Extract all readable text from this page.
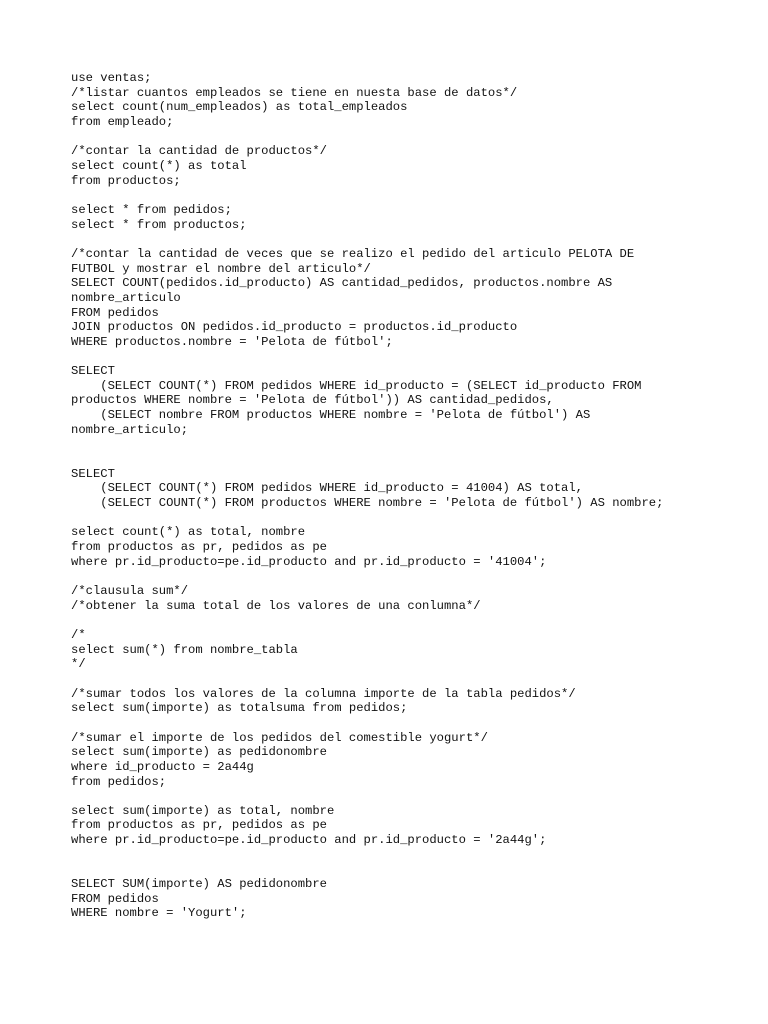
use ventas;
/*listar cuantos empleados se tiene en nuesta base de datos*/
select count(num_empleados) as total_empleados
from empleado;
/*contar la cantidad de productos*/
select count(*) as total
from productos;
select * from pedidos;
select * from productos;
/*contar la cantidad de veces que se realizo el pedido del articulo PELOTA DE
FUTBOL y mostrar el nombre del articulo*/
SELECT COUNT(pedidos.id_producto) AS cantidad_pedidos, productos.nombre AS
nombre_articulo
FROM pedidos
JOIN productos ON pedidos.id_producto = productos.id_producto
WHERE productos.nombre = 'Pelota de fútbol';
SELECT
(SELECT COUNT(*) FROM pedidos WHERE id_producto = (SELECT id_producto FROM
productos WHERE nombre = 'Pelota de fútbol')) AS cantidad_pedidos,
(SELECT nombre FROM productos WHERE nombre = 'Pelota de fútbol') AS
nombre_articulo;
SELECT
(SELECT COUNT(*) FROM pedidos WHERE id_producto = 41004) AS total,
(SELECT COUNT(*) FROM productos WHERE nombre = 'Pelota de fútbol') AS nombre;
select count(*) as total, nombre
from productos as pr, pedidos as pe
where pr.id_producto=pe.id_producto and pr.id_producto = '41004';
/*clausula sum*/
/*obtener la suma total de los valores de una conlumna*/
/*
select sum(*) from nombre_tabla
*/
/*sumar todos los valores de la columna importe de la tabla pedidos*/
select sum(importe) as totalsuma from pedidos;
/*sumar el importe de los pedidos del comestible yogurt*/
select sum(importe) as pedidonombre
where id_producto = 2a44g
from pedidos;
select sum(importe) as total, nombre
from productos as pr, pedidos as pe
where pr.id_producto=pe.id_producto and pr.id_producto = '2a44g';
SELECT SUM(importe) AS pedidonombre
FROM pedidos
WHERE nombre = 'Yogurt';
